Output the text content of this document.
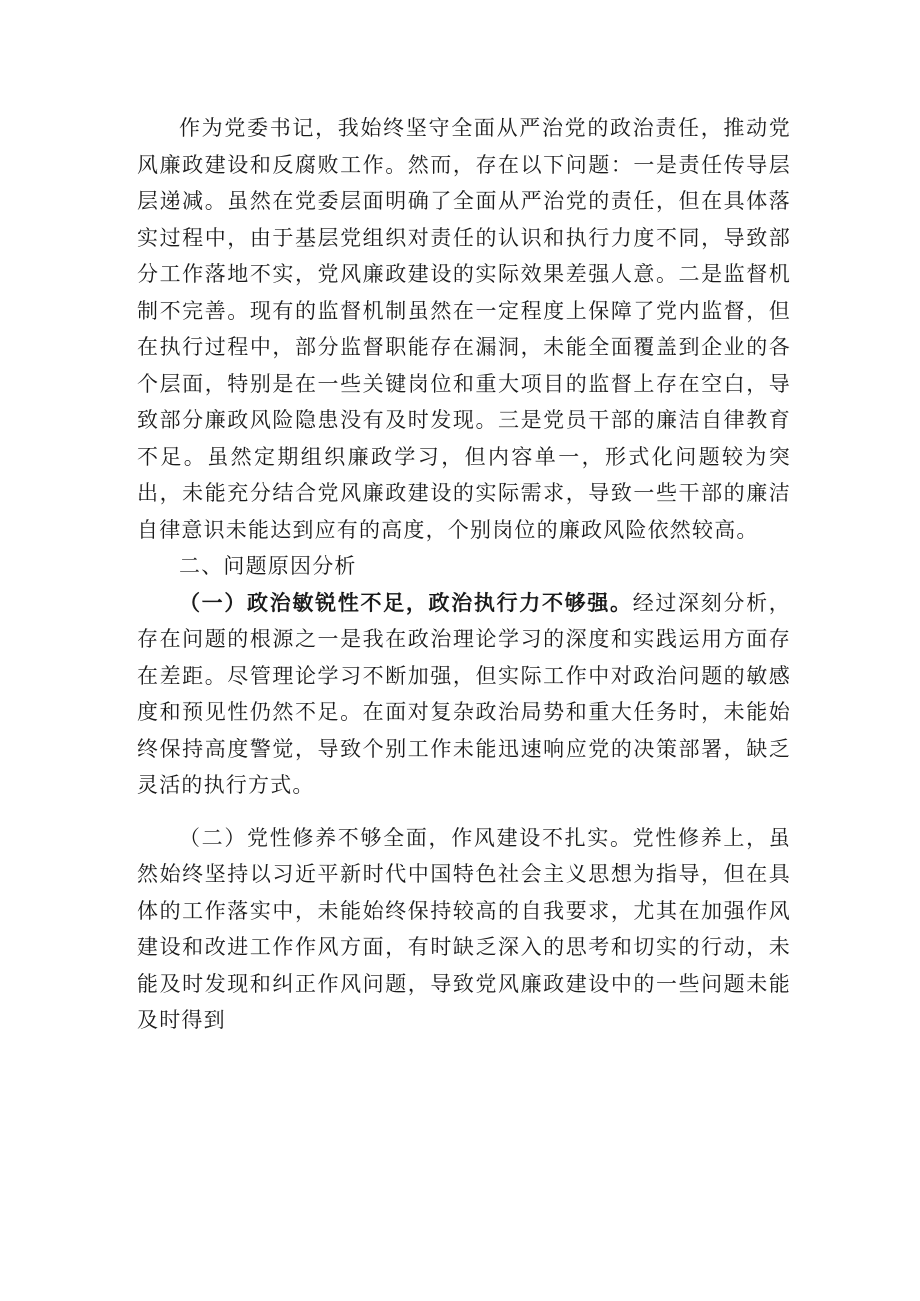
作为党委书记，我始终坚守全面从严治党的政治责任，推动党风廉政建设和反腐败工作。然而，存在以下问题：一是责任传导层层递减。虽然在党委层面明确了全面从严治党的责任，但在具体落实过程中，由于基层党组织对责任的认识和执行力度不同，导致部分工作落地不实，党风廉政建设的实际效果差强人意。二是监督机制不完善。现有的监督机制虽然在一定程度上保障了党内监督，但在执行过程中，部分监督职能存在漏洞，未能全面覆盖到企业的各个层面，特别是在一些关键岗位和重大项目的监督上存在空白，导致部分廉政风险隐患没有及时发现。三是党员干部的廉洁自律教育不足。虽然定期组织廉政学习，但内容单一，形式化问题较为突出，未能充分结合党风廉政建设的实际需求，导致一些干部的廉洁自律意识未能达到应有的高度，个别岗位的廉政风险依然较高。

二、问题原因分析

（一）政治敏锐性不足，政治执行力不够强。经过深刻分析，存在问题的根源之一是我在政治理论学习的深度和实践运用方面存在差距。尽管理论学习不断加强，但实际工作中对政治问题的敏感度和预见性仍然不足。在面对复杂政治局势和重大任务时，未能始终保持高度警觉，导致个别工作未能迅速响应党的决策部署，缺乏灵活的执行方式。

（二）党性修养不够全面，作风建设不扎实。党性修养上，虽然始终坚持以习近平新时代中国特色社会主义思想为指导，但在具体的工作落实中，未能始终保持较高的自我要求，尤其在加强作风建设和改进工作作风方面，有时缺乏深入的思考和切实的行动，未能及时发现和纠正作风问题，导致党风廉政建设中的一些问题未能及时得到
